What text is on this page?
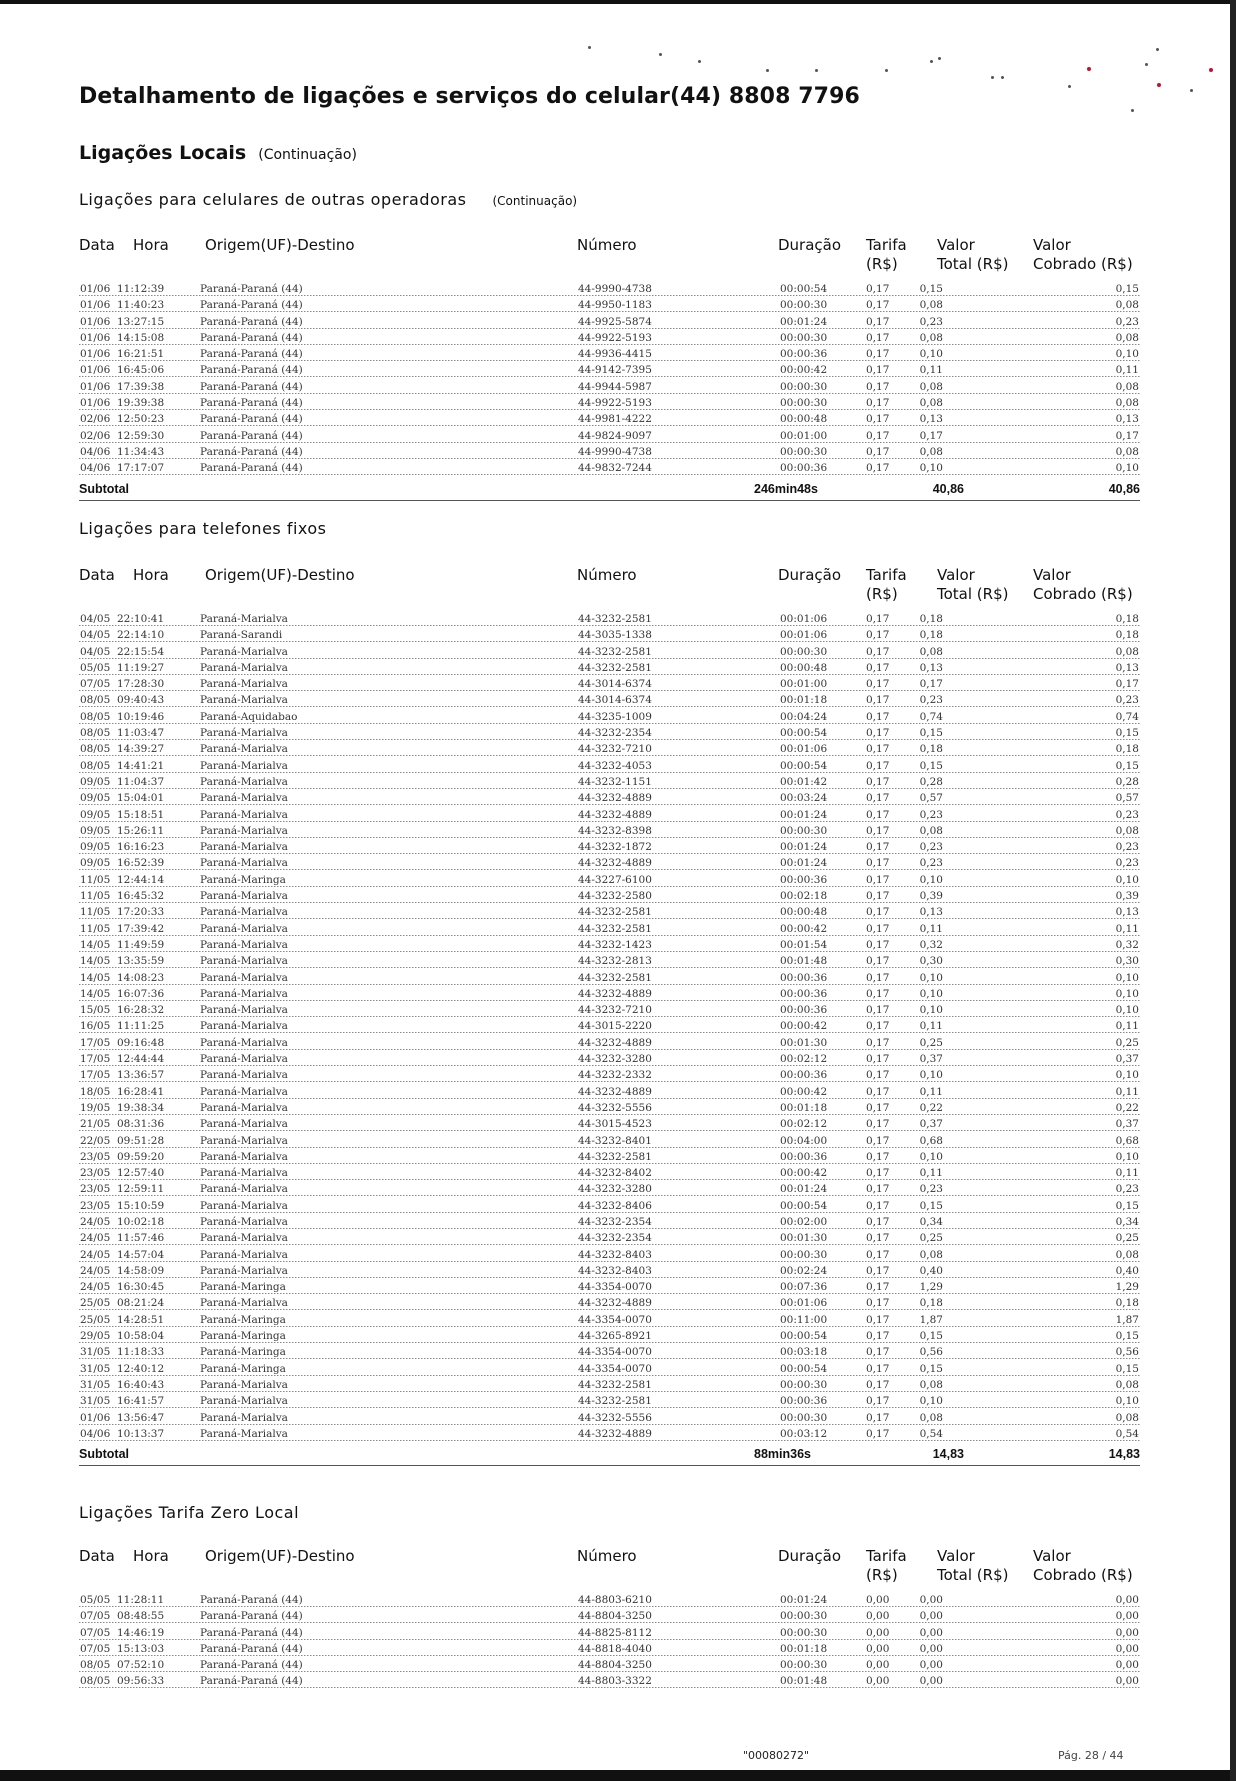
Detalhamento de ligações e serviços do celular(44) 8808 7796
Ligações Locais (Continuação)
Ligações para celulares de outras operadoras (Continuação)
Data Hora Origem(UF)-Destino	Número	Duração Tarifa
(R$)
Valor
Total (R$)
Valor
Cobrado (R$)
01/06 11:12:39	Paraná-Paraná (44)	44-9990-4738	00:00:54	0,17	0,15	0,15
01/06 11:40:23	Paraná-Paraná (44)	44-9950-1183	00:00:30	0,17	0,08	0,08
01/06 13:27:15	Paraná-Paraná (44)	44-9925-5874	00:01:24	0,17	0,23	0,23
01/06 14:15:08	Paraná-Paraná (44)	44-9922-5193	00:00:30	0,17	0,08	0,08
01/06 16:21:51	Paraná-Paraná (44)	44-9936-4415	00:00:36	0,17	0,10	0,10
01/06 16:45:06	Paraná-Paraná (44)	44-9142-7395	00:00:42	0,17	0,11	0,11
01/06 17:39:38	Paraná-Paraná (44)	44-9944-5987	00:00:30	0,17	0,08	0,08
01/06 19:39:38	Paraná-Paraná (44)	44-9922-5193	00:00:30	0,17	0,08	0,08
02/06 12:50:23	Paraná-Paraná (44)	44-9981-4222	00:00:48	0,17	0,13	0,13
02/06 12:59:30	Paraná-Paraná (44)	44-9824-9097	00:01:00	0,17	0,17	0,17
04/06 11:34:43	Paraná-Paraná (44)	44-9990-4738	00:00:30	0,17	0,08	0,08
04/06 17:17:07	Paraná-Paraná (44)	44-9832-7244	00:00:36	0,17	0,10	0,10
Subtotal	246min48s	40,86	40,86
Ligações para telefones fixos
Data Hora Origem(UF)-Destino	Número	Duração Tarifa
(R$)
Valor
Total (R$)
Valor
Cobrado (R$)
04/05 22:10:41	Paraná-Marialva	44-3232-2581	00:01:06	0,17	0,18	0,18
04/05 22:14:10	Paraná-Sarandi	44-3035-1338	00:01:06	0,17	0,18	0,18
04/05 22:15:54	Paraná-Marialva	44-3232-2581	00:00:30	0,17	0,08	0,08
05/05 11:19:27	Paraná-Marialva	44-3232-2581	00:00:48	0,17	0,13	0,13
07/05 17:28:30	Paraná-Marialva	44-3014-6374	00:01:00	0,17	0,17	0,17
08/05 09:40:43	Paraná-Marialva	44-3014-6374	00:01:18	0,17	0,23	0,23
08/05 10:19:46	Paraná-Aquidabao	44-3235-1009	00:04:24	0,17	0,74	0,74
08/05 11:03:47	Paraná-Marialva	44-3232-2354	00:00:54	0,17	0,15	0,15
08/05 14:39:27	Paraná-Marialva	44-3232-7210	00:01:06	0,17	0,18	0,18
08/05 14:41:21	Paraná-Marialva	44-3232-4053	00:00:54	0,17	0,15	0,15
09/05 11:04:37	Paraná-Marialva	44-3232-1151	00:01:42	0,17	0,28	0,28
09/05 15:04:01	Paraná-Marialva	44-3232-4889	00:03:24	0,17	0,57	0,57
09/05 15:18:51	Paraná-Marialva	44-3232-4889	00:01:24	0,17	0,23	0,23
09/05 15:26:11	Paraná-Marialva	44-3232-8398	00:00:30	0,17	0,08	0,08
09/05 16:16:23	Paraná-Marialva	44-3232-1872	00:01:24	0,17	0,23	0,23
09/05 16:52:39	Paraná-Marialva	44-3232-4889	00:01:24	0,17	0,23	0,23
11/05 12:44:14	Paraná-Maringa	44-3227-6100	00:00:36	0,17	0,10	0,10
11/05 16:45:32	Paraná-Marialva	44-3232-2580	00:02:18	0,17	0,39	0,39
11/05 17:20:33	Paraná-Marialva	44-3232-2581	00:00:48	0,17	0,13	0,13
11/05 17:39:42	Paraná-Marialva	44-3232-2581	00:00:42	0,17	0,11	0,11
14/05 11:49:59	Paraná-Marialva	44-3232-1423	00:01:54	0,17	0,32	0,32
14/05 13:35:59	Paraná-Marialva	44-3232-2813	00:01:48	0,17	0,30	0,30
14/05 14:08:23	Paraná-Marialva	44-3232-2581	00:00:36	0,17	0,10	0,10
14/05 16:07:36	Paraná-Marialva	44-3232-4889	00:00:36	0,17	0,10	0,10
15/05 16:28:32	Paraná-Marialva	44-3232-7210	00:00:36	0,17	0,10	0,10
16/05 11:11:25	Paraná-Marialva	44-3015-2220	00:00:42	0,17	0,11	0,11
17/05 09:16:48	Paraná-Marialva	44-3232-4889	00:01:30	0,17	0,25	0,25
17/05 12:44:44	Paraná-Marialva	44-3232-3280	00:02:12	0,17	0,37	0,37
17/05 13:36:57	Paraná-Marialva	44-3232-2332	00:00:36	0,17	0,10	0,10
18/05 16:28:41	Paraná-Marialva	44-3232-4889	00:00:42	0,17	0,11	0,11
19/05 19:38:34	Paraná-Marialva	44-3232-5556	00:01:18	0,17	0,22	0,22
21/05 08:31:36	Paraná-Marialva	44-3015-4523	00:02:12	0,17	0,37	0,37
22/05 09:51:28	Paraná-Marialva	44-3232-8401	00:04:00	0,17	0,68	0,68
23/05 09:59:20	Paraná-Marialva	44-3232-2581	00:00:36	0,17	0,10	0,10
23/05 12:57:40	Paraná-Marialva	44-3232-8402	00:00:42	0,17	0,11	0,11
23/05 12:59:11	Paraná-Marialva	44-3232-3280	00:01:24	0,17	0,23	0,23
23/05 15:10:59	Paraná-Marialva	44-3232-8406	00:00:54	0,17	0,15	0,15
24/05 10:02:18	Paraná-Marialva	44-3232-2354	00:02:00	0,17	0,34	0,34
24/05 11:57:46	Paraná-Marialva	44-3232-2354	00:01:30	0,17	0,25	0,25
24/05 14:57:04	Paraná-Marialva	44-3232-8403	00:00:30	0,17	0,08	0,08
24/05 14:58:09	Paraná-Marialva	44-3232-8403	00:02:24	0,17	0,40	0,40
24/05 16:30:45	Paraná-Maringa	44-3354-0070	00:07:36	0,17	1,29	1,29
25/05 08:21:24	Paraná-Marialva	44-3232-4889	00:01:06	0,17	0,18	0,18
25/05 14:28:51	Paraná-Maringa	44-3354-0070	00:11:00	0,17	1,87	1,87
29/05 10:58:04	Paraná-Maringa	44-3265-8921	00:00:54	0,17	0,15	0,15
31/05 11:18:33	Paraná-Maringa	44-3354-0070	00:03:18	0,17	0,56	0,56
31/05 12:40:12	Paraná-Maringa	44-3354-0070	00:00:54	0,17	0,15	0,15
31/05 16:40:43	Paraná-Marialva	44-3232-2581	00:00:30	0,17	0,08	0,08
31/05 16:41:57	Paraná-Marialva	44-3232-2581	00:00:36	0,17	0,10	0,10
01/06 13:56:47	Paraná-Marialva	44-3232-5556	00:00:30	0,17	0,08	0,08
04/06 10:13:37	Paraná-Marialva	44-3232-4889	00:03:12	0,17	0,54	0,54
Subtotal	88min36s	14,83	14,83
Ligações Tarifa Zero Local
Data Hora Origem(UF)-Destino	Número	Duração Tarifa
(R$)
Valor
Total (R$)
Valor
Cobrado (R$)
05/05 11:28:11	Paraná-Paraná (44)	44-8803-6210	00:01:24	0,00	0,00	0,00
07/05 08:48:55	Paraná-Paraná (44)	44-8804-3250	00:00:30	0,00	0,00	0,00
07/05 14:46:19	Paraná-Paraná (44)	44-8825-8112	00:00:30	0,00	0,00	0,00
07/05 15:13:03	Paraná-Paraná (44)	44-8818-4040	00:01:18	0,00	0,00	0,00
08/05 07:52:10	Paraná-Paraná (44)	44-8804-3250	00:00:30	0,00	0,00	0,00
08/05 09:56:33	Paraná-Paraná (44)	44-8803-3322	00:01:48	0,00	0,00	0,00
"00080272"	Pág. 28 / 44
